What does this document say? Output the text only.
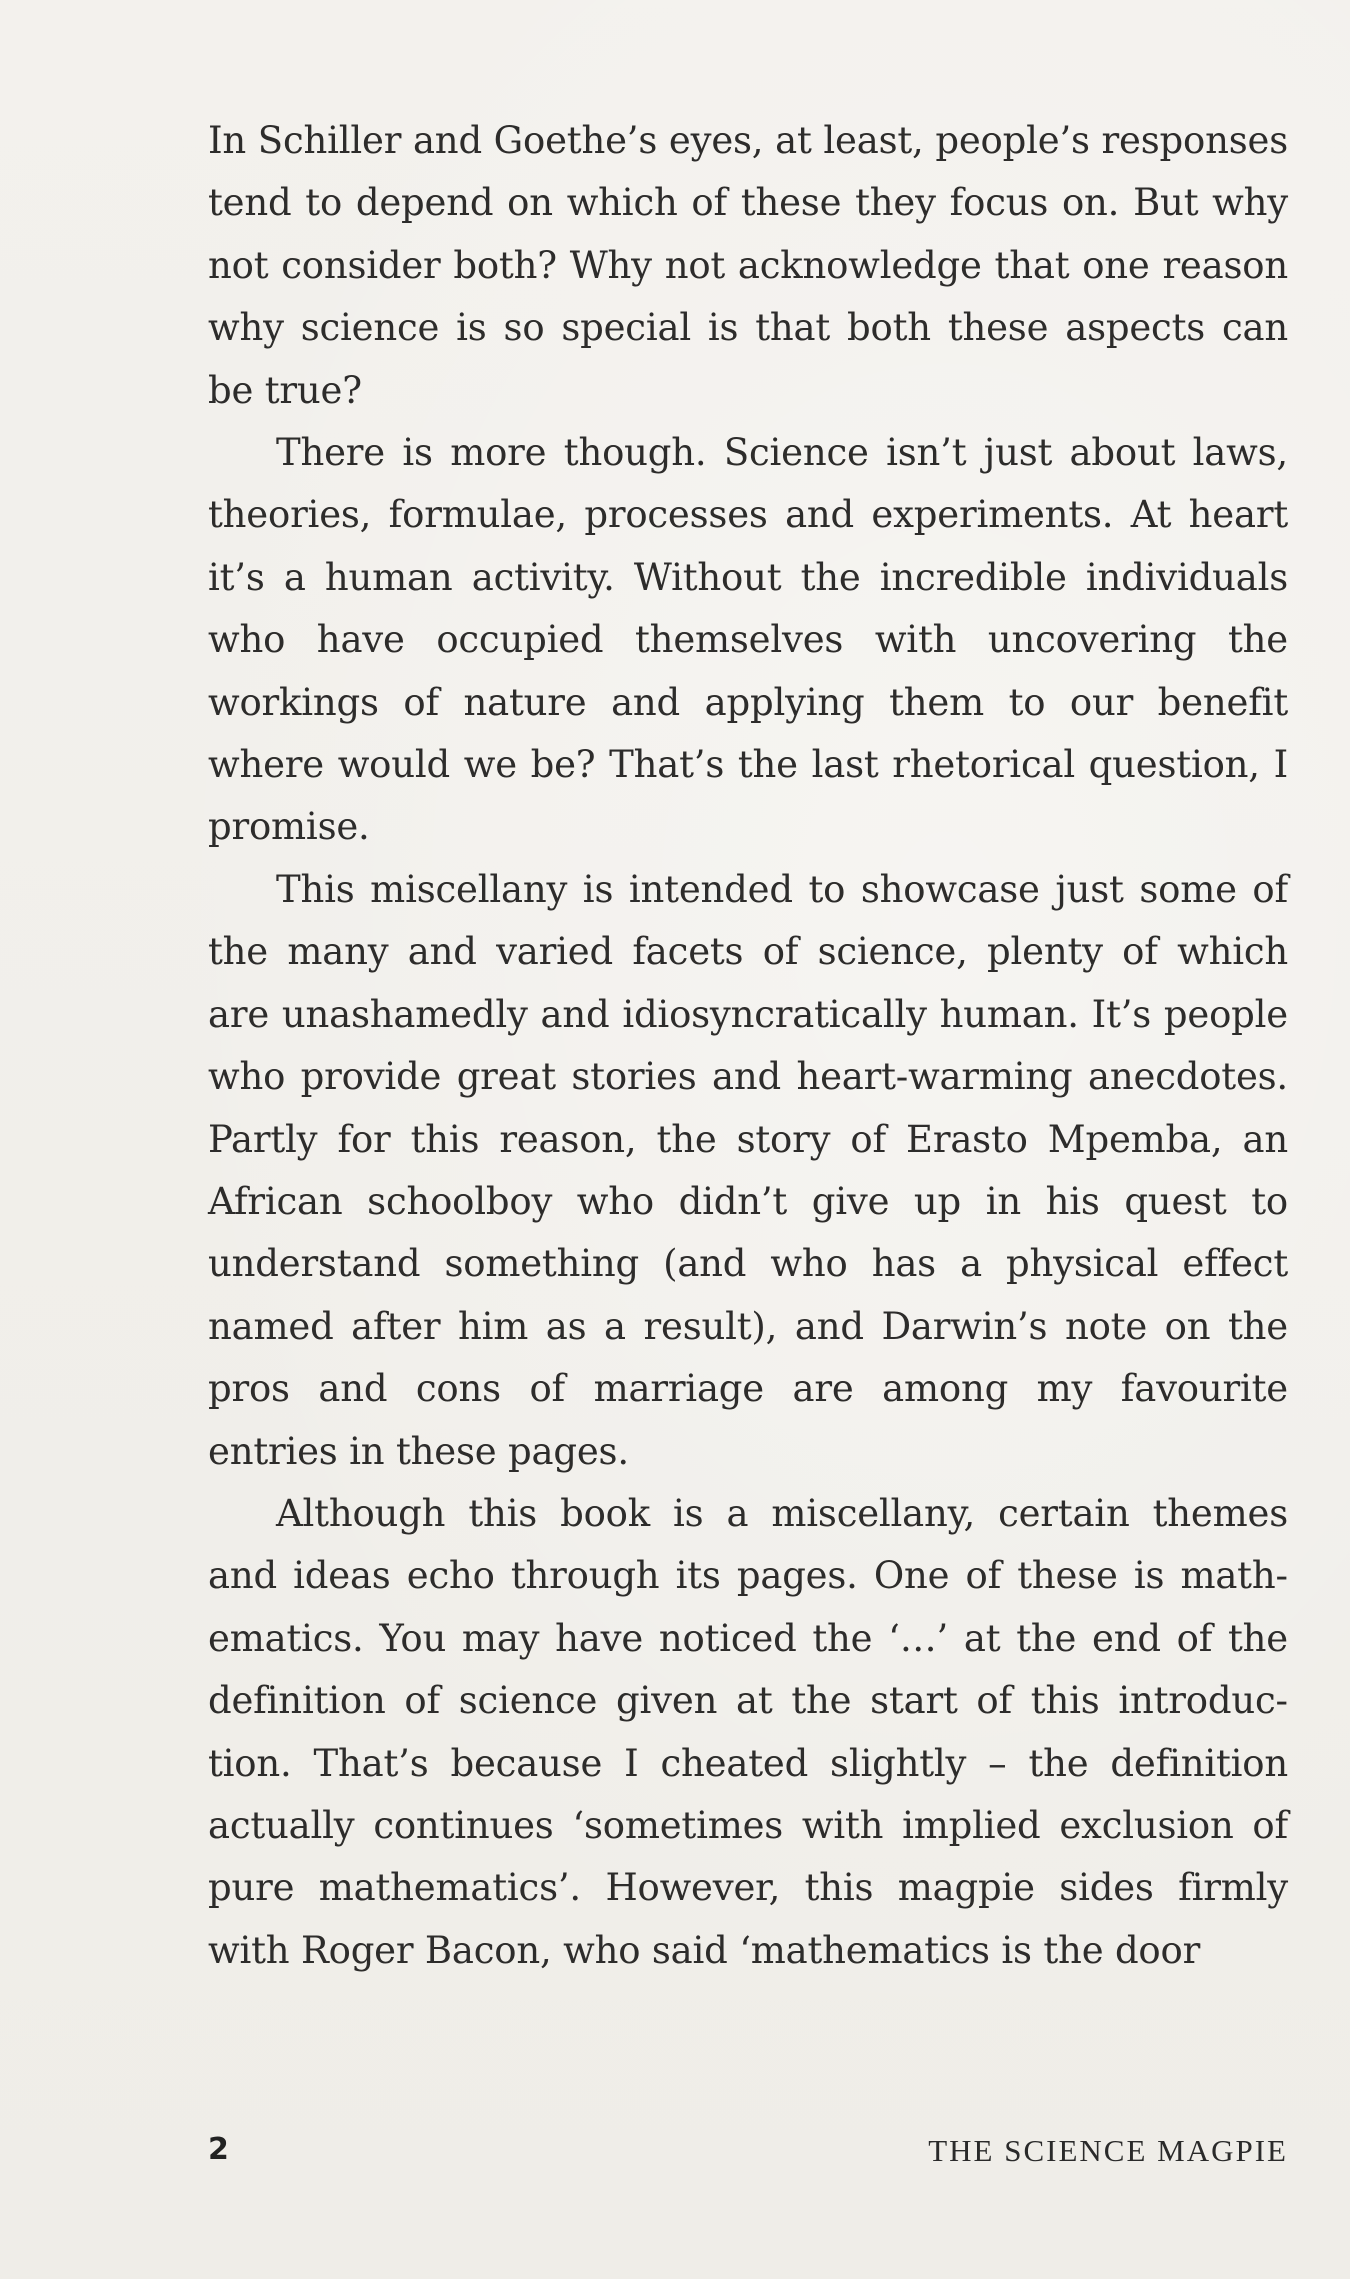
In Schiller and Goethe’s eyes, at least, people’s responses tend to depend on which of these they focus on. But why not consider both? Why not acknowledge that one reason why science is so special is that both these aspects can be true?

There is more though. Science isn’t just about laws, theories, formulae, processes and experiments. At heart it’s a human activity. Without the incredible individuals who have occupied themselves with uncovering the workings of nature and applying them to our benefit where would we be? That’s the last rhetorical question, I promise.

This miscellany is intended to showcase just some of the many and varied facets of science, plenty of which are unashamedly and idiosyncratically human. It’s people who provide great stories and heart-warming anecdotes. Partly for this reason, the story of Erasto Mpemba, an African schoolboy who didn’t give up in his quest to understand something (and who has a physical effect named after him as a result), and Darwin’s note on the pros and cons of marriage are among my favourite entries in these pages.

Although this book is a miscellany, certain themes and ideas echo through its pages. One of these is mathematics. You may have noticed the ‘…’ at the end of the definition of science given at the start of this introduction. That’s because I cheated slightly – the definition actually continues ‘sometimes with implied exclusion of pure mathematics’. However, this magpie sides firmly with Roger Bacon, who said ‘mathematics is the door

2	THE SCIENCE MAGPIE
